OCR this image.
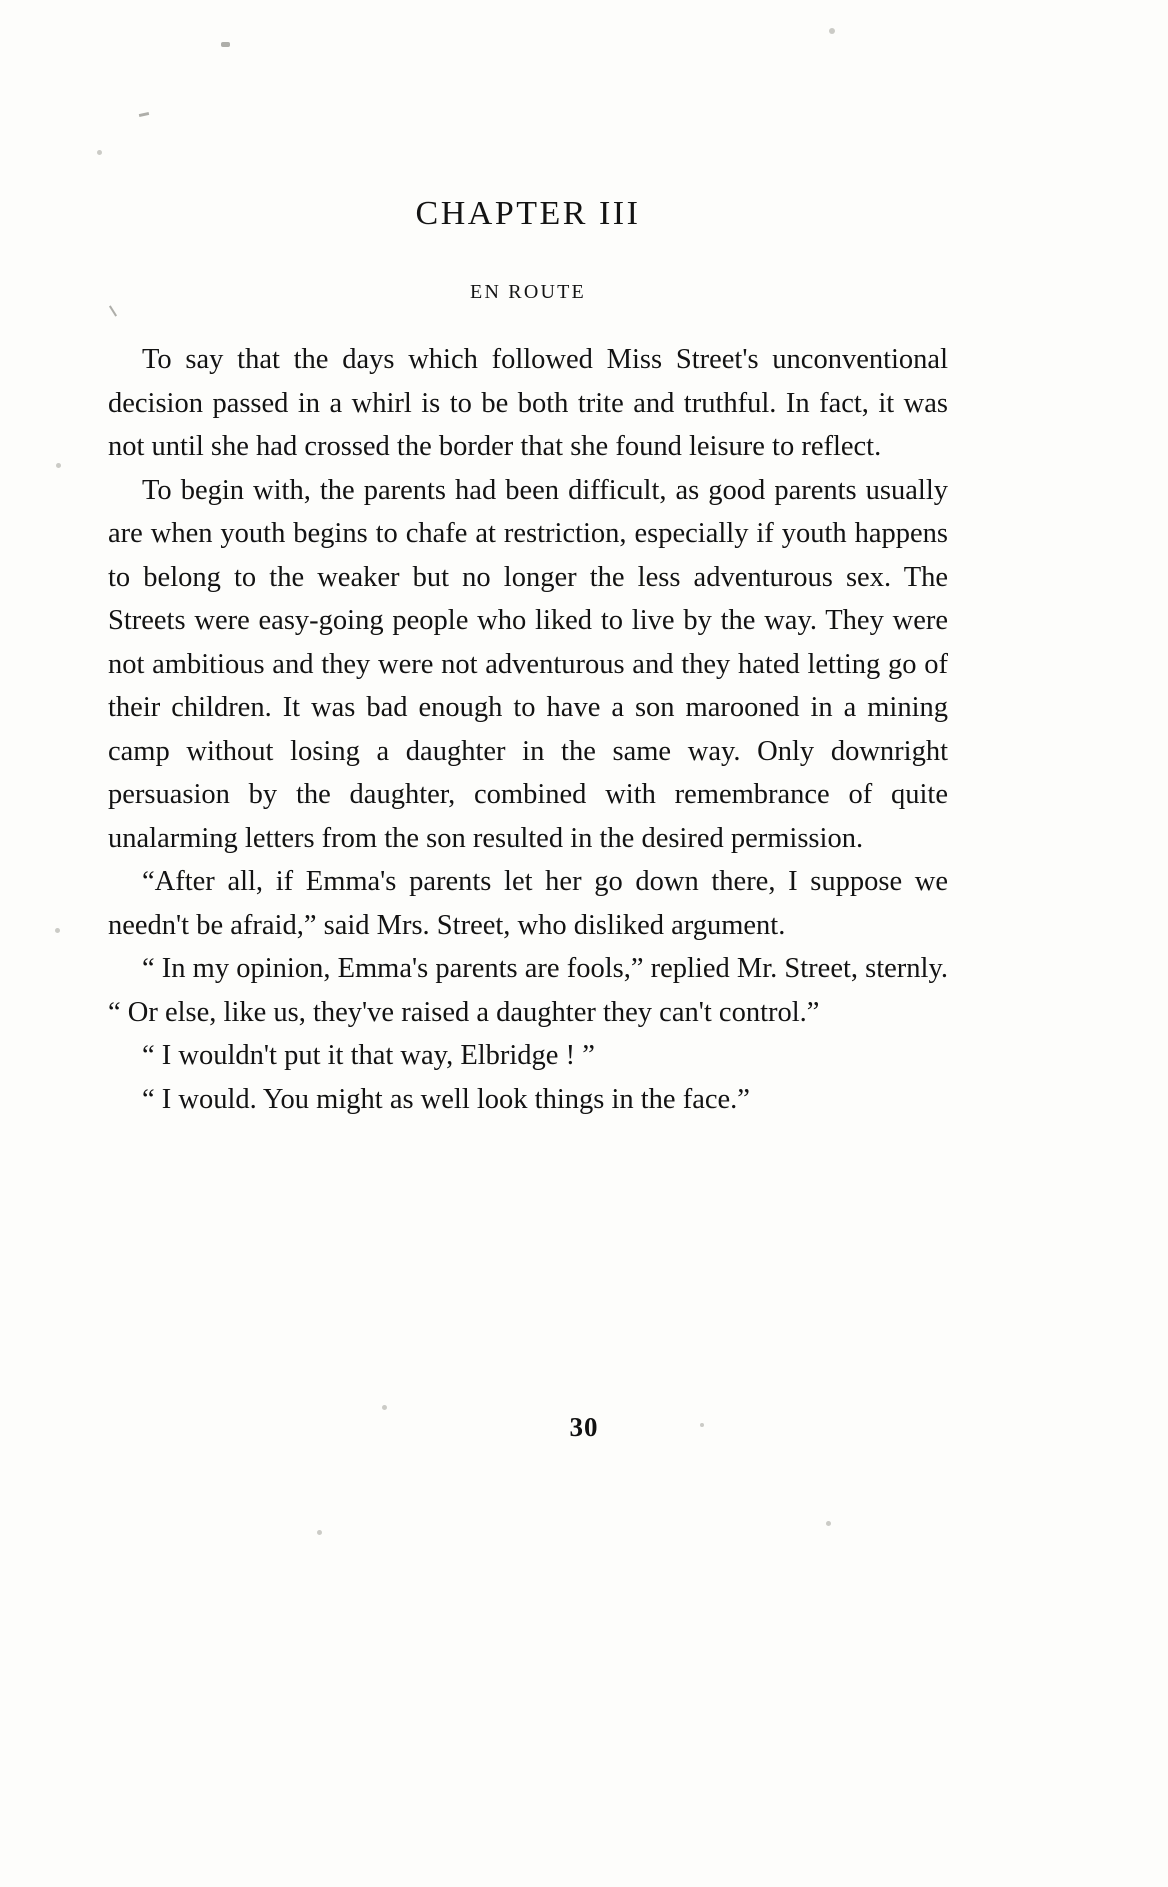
CHAPTER III
EN ROUTE

To say that the days which followed Miss Street's unconventional decision passed in a whirl is to be both trite and truthful. In fact, it was not until she had crossed the border that she found leisure to reflect.

To begin with, the parents had been difficult, as good parents usually are when youth begins to chafe at restriction, especially if youth happens to belong to the weaker but no longer the less adventurous sex. The Streets were easy-going people who liked to live by the way. They were not ambitious and they were not adventurous and they hated letting go of their children. It was bad enough to have a son marooned in a mining camp without losing a daughter in the same way. Only downright persuasion by the daughter, combined with remembrance of quite unalarming letters from the son resulted in the desired permission.

“After all, if Emma's parents let her go down there, I suppose we needn't be afraid,” said Mrs. Street, who disliked argument.

“ In my opinion, Emma's parents are fools,” replied Mr. Street, sternly. “ Or else, like us, they've raised a daughter they can't control.”

“ I wouldn't put it that way, Elbridge ! ”

“ I would. You might as well look things in the face.”

30
